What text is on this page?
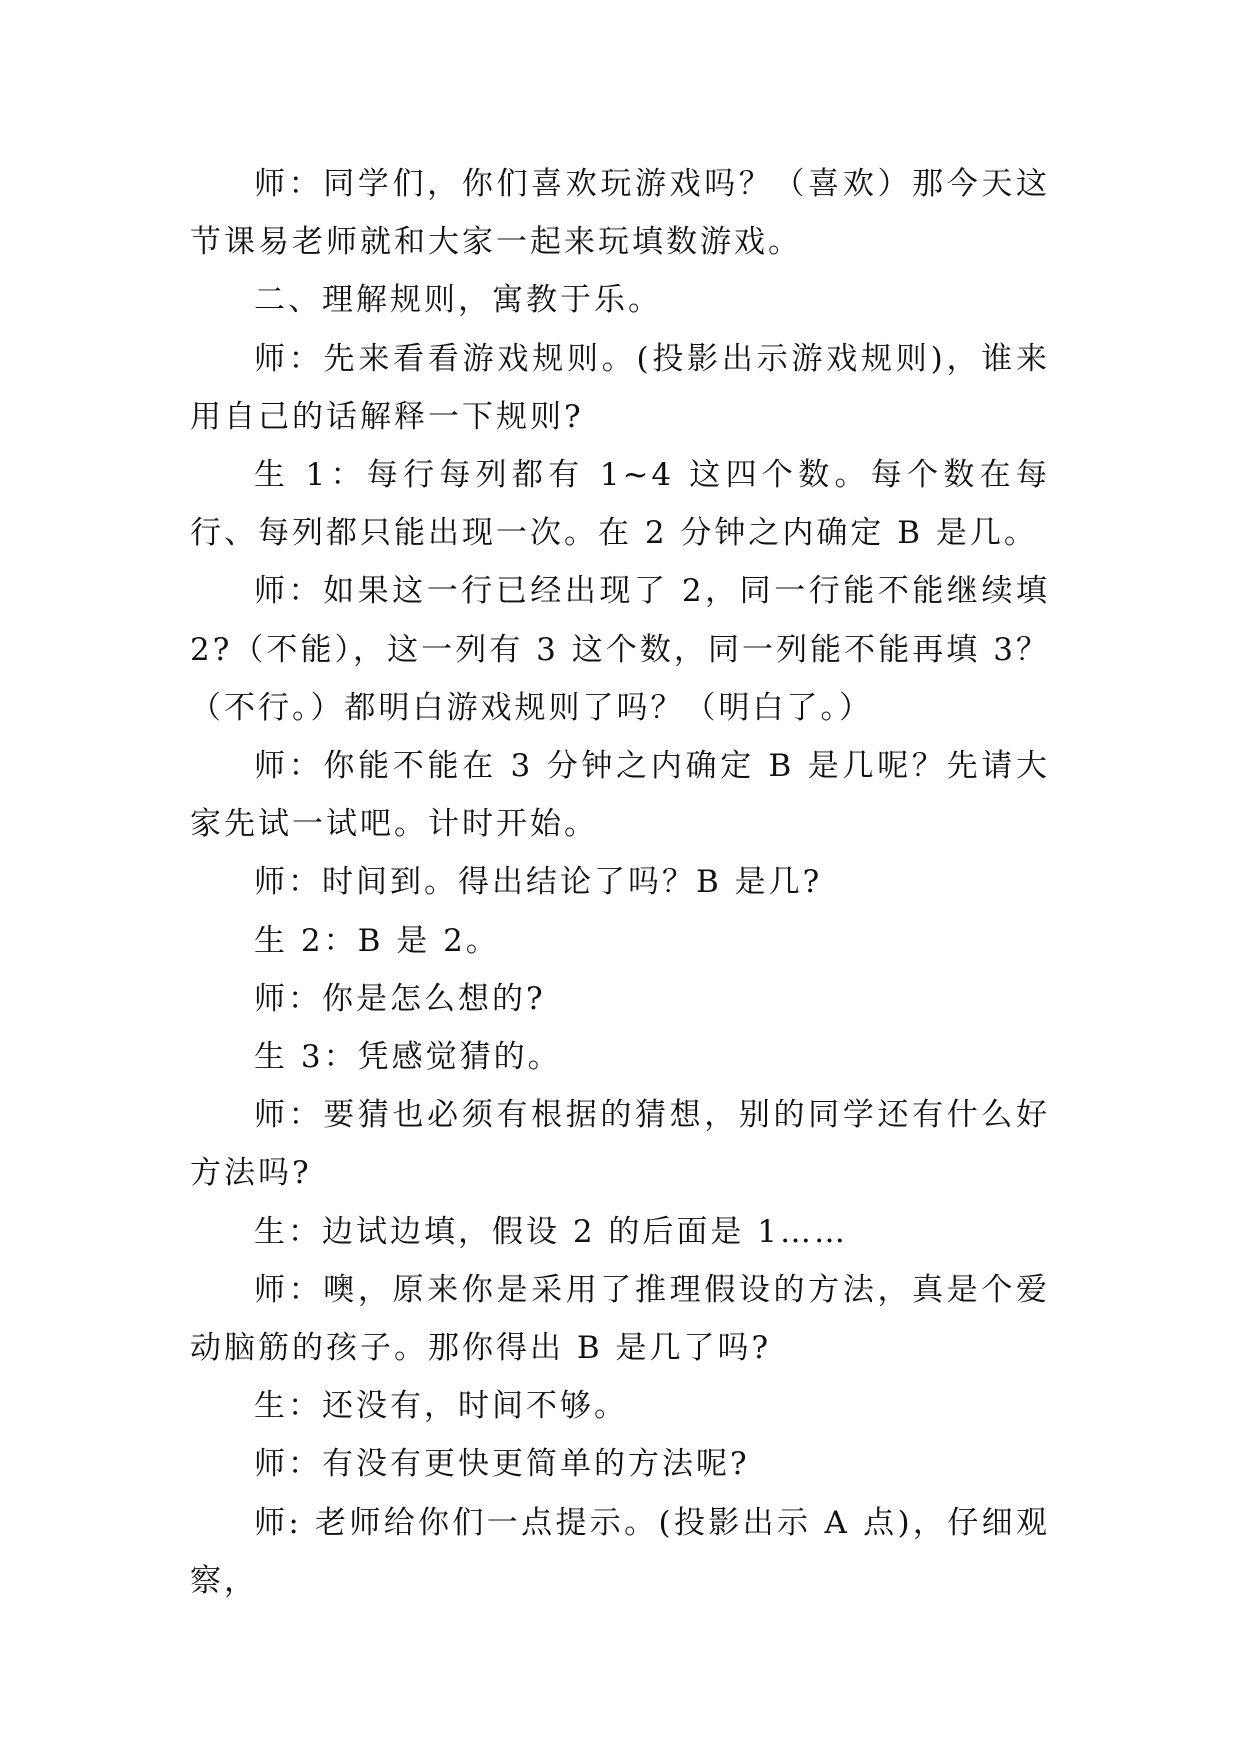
师：同学们，你们喜欢玩游戏吗？（喜欢）那今天这节课易老师就和大家一起来玩填数游戏。

二、理解规则，寓教于乐。

师：先来看看游戏规则。(投影出示游戏规则)，谁来用自己的话解释一下规则?

生 1：每行每列都有 1~4 这四个数。每个数在每行、每列都只能出现一次。在 2 分钟之内确定 B 是几。

师：如果这一行已经出现了 2，同一行能不能继续填 2?（不能），这一列有 3 这个数，同一列能不能再填 3？（不行。）都明白游戏规则了吗？（明白了。）

师：你能不能在 3 分钟之内确定 B 是几呢？先请大家先试一试吧。计时开始。

师：时间到。得出结论了吗？B 是几?

生 2：B 是 2。

师：你是怎么想的?

生 3：凭感觉猜的。

师：要猜也必须有根据的猜想，别的同学还有什么好方法吗?

生：边试边填，假设 2 的后面是 1……

师：噢，原来你是采用了推理假设的方法，真是个爱动脑筋的孩子。那你得出 B 是几了吗?

生：还没有，时间不够。

师：有没有更快更简单的方法呢?

师: 老师给你们一点提示。(投影出示 A 点)，仔细观察，
